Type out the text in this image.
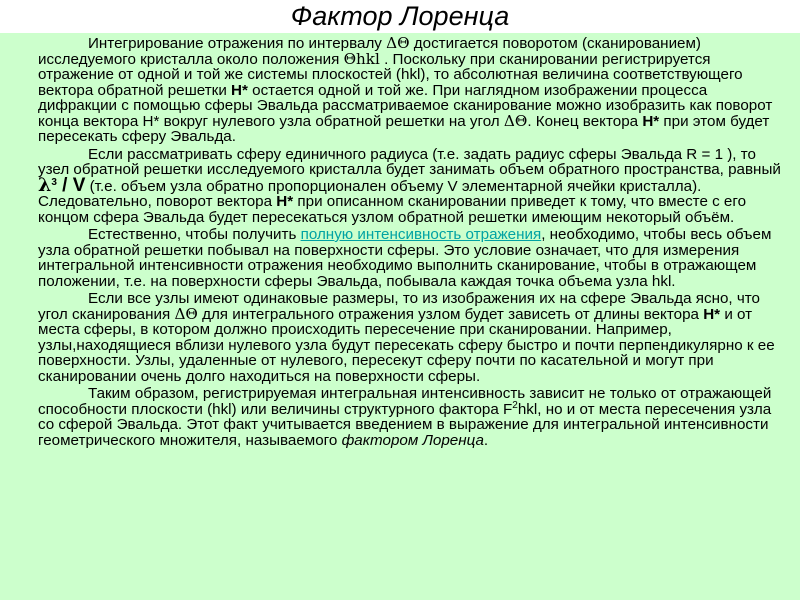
Фактор Лоренца

Интегрирование отражения по интервалу ΔΘ достигается поворотом (сканированием) исследуемого кристалла около положения Θhkl . Поскольку при сканировании регистрируется отражение от одной и той же системы плоскостей (hkl), то абсолютная величина соответствующего вектора обратной решетки H* остается одной и той же. При наглядном изображении процесса дифракции с помощью сферы Эвальда рассматриваемое сканирование можно изобразить как поворот конца вектора H* вокруг нулевого узла обратной решетки на угол ΔΘ. Конец вектора H* при этом будет пересекать сферу Эвальда.

Если рассматривать сферу единичного радиуса (т.е. задать радиус сферы Эвальда R = 1 ), то узел обратной решетки исследуемого кристалла будет занимать объем обратного пространства, равный $\lambda^3$ / V (т.е. объем узла обратно пропорционален объему V элементарной ячейки кристалла). Следовательно, поворот вектора H* при описанном сканировании приведет к тому, что вместе с его концом сфера Эвальда будет пересекаться узлом обратной решетки имеющим некоторый объём.

Естественно, чтобы получить полную интенсивность отражения, необходимо, чтобы весь объем узла обратной решетки побывал на поверхности сферы. Это условие означает, что для измерения интегральной интенсивности отражения необходимо выполнить сканирование, чтобы в отражающем положении, т.е. на поверхности сферы Эвальда, побывала каждая точка объема узла hkl.

Если все узлы имеют одинаковые размеры, то из изображения их на сфере Эвальда ясно, что угол сканирования ΔΘ для интегрального отражения узлом будет зависеть от длины вектора H* и от места сферы, в котором должно происходить пересечение при сканировании. Например, узлы,находящиеся вблизи нулевого узла будут пересекать сферу быстро и почти перпендикулярно к ее поверхности. Узлы, удаленные от нулевого, пересекут сферу почти по касательной и могут при сканировании очень долго находиться на поверхности сферы.

Таким образом, регистрируемая интегральная интенсивность зависит не только от отражающей способности плоскости (hkl) или величины структурного фактора $F^2hkl$, но и от места пересечения узла со сферой Эвальда. Этот факт учитывается введением в выражение для интегральной интенсивности геометрического множителя, называемого фактором Лоренца.
